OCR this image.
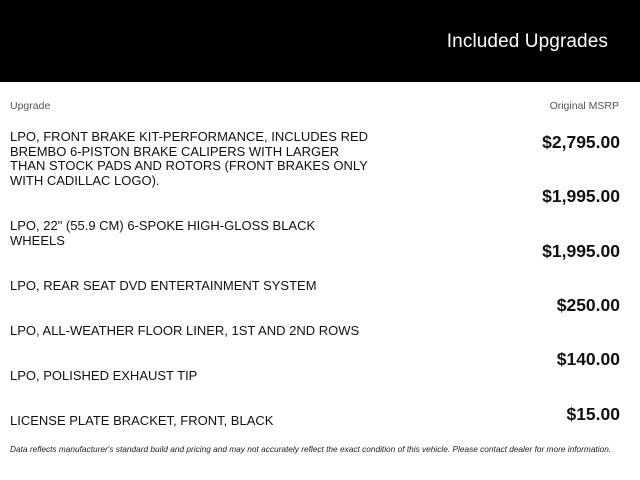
Included Upgrades
Upgrade	Original MSRP
LPO, FRONT BRAKE KIT-PERFORMANCE, INCLUDES RED BREMBO 6-PISTON BRAKE CALIPERS WITH LARGER THAN STOCK PADS AND ROTORS (FRONT BRAKES ONLY WITH CADILLAC LOGO).
LPO, 22" (55.9 CM) 6-SPOKE HIGH-GLOSS BLACK WHEELS
LPO, REAR SEAT DVD ENTERTAINMENT SYSTEM
LPO, ALL-WEATHER FLOOR LINER, 1ST AND 2ND ROWS
LPO, POLISHED EXHAUST TIP
LICENSE PLATE BRACKET, FRONT, BLACK
$2,795.00
$1,995.00
$1,995.00
$250.00
$140.00
$15.00
Data reflects manufacturer's standard build and pricing and may not accurately reflect the exact condition of this vehicle. Please contact dealer for more information.
